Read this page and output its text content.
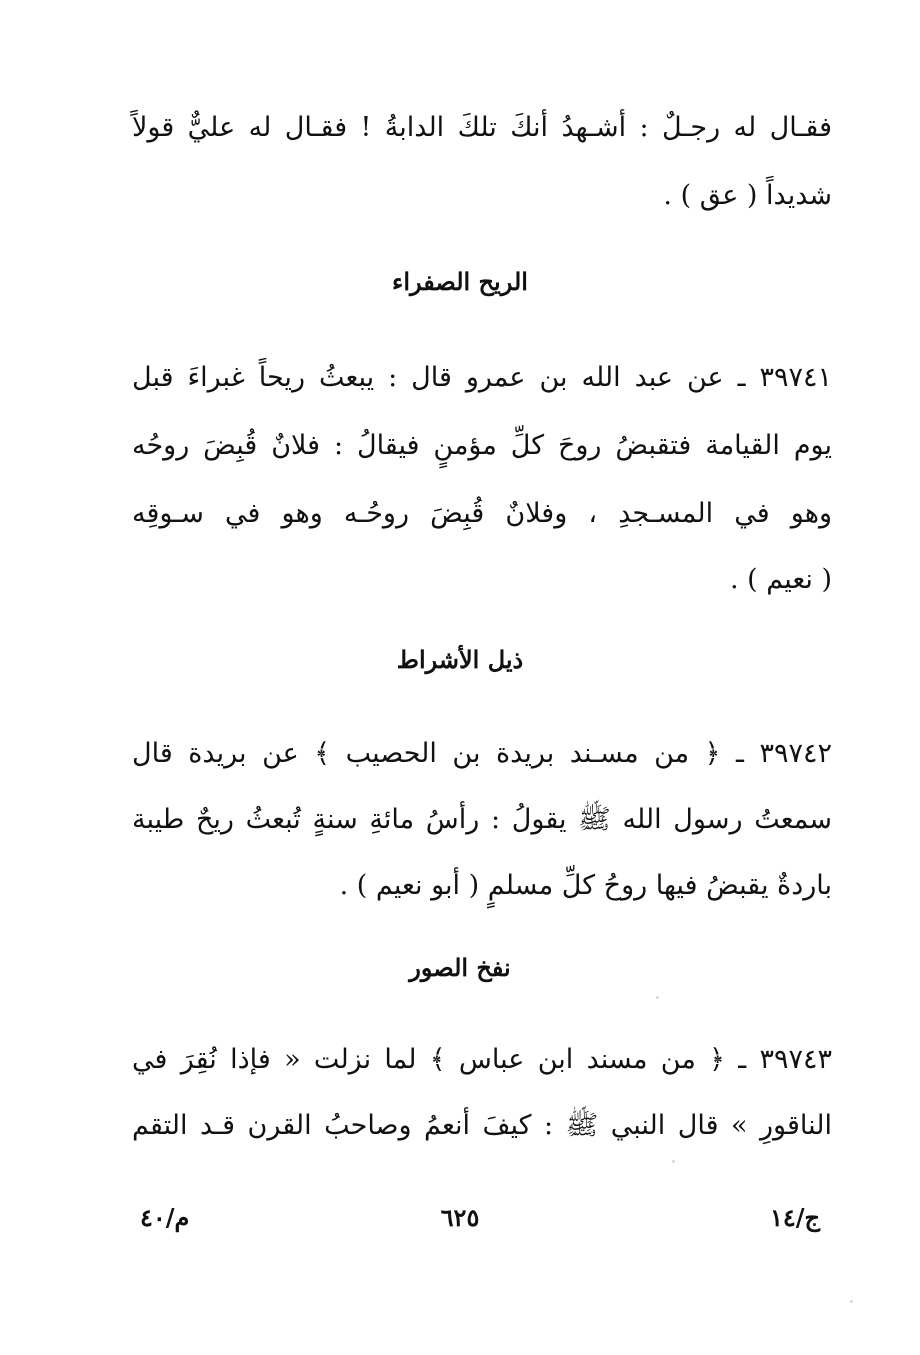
فقـال له رجـلٌ : أشـهدُ أنكَ تلكَ الدابةُ ! فقـال له عليٌّ قولاً
شديداً ( عق ) .
الريح الصفراء
٣٩٧٤١ ـ عن عبد الله بن عمرو قال : يبعثُ ريحاً غبراءَ قبل
يوم القيامة فتقبضُ روحَ كلِّ مؤمنٍ فيقالُ : فلانٌ قُبِضَ روحُه
وهو في المسـجدِ ، وفلانٌ قُبِضَ روحُـه وهو في سـوقِه
( نعيم ) .
ذيل الأشراط
٣٩٧٤٢ ـ ﴿ من مسـند بريدة بن الحصيب ﴾ عن بريدة قال
سمعتُ رسول الله ﷺ يقولُ : رأسُ مائةِ سنةٍ تُبعثُ ريحٌ طيبة
باردةٌ يقبضُ فيها روحُ كلِّ مسلمٍ ( أبو نعيم ) .
نفخ الصور
٣٩٧٤٣ ـ ﴿ من مسند ابن عباس ﴾ لما نزلت « فإذا نُقِرَ في
الناقورِ » قال النبي ﷺ : كيفَ أنعمُ وصاحبُ القرن قـد التقم
ج/١٤
٦٢٥
م/٤٠
